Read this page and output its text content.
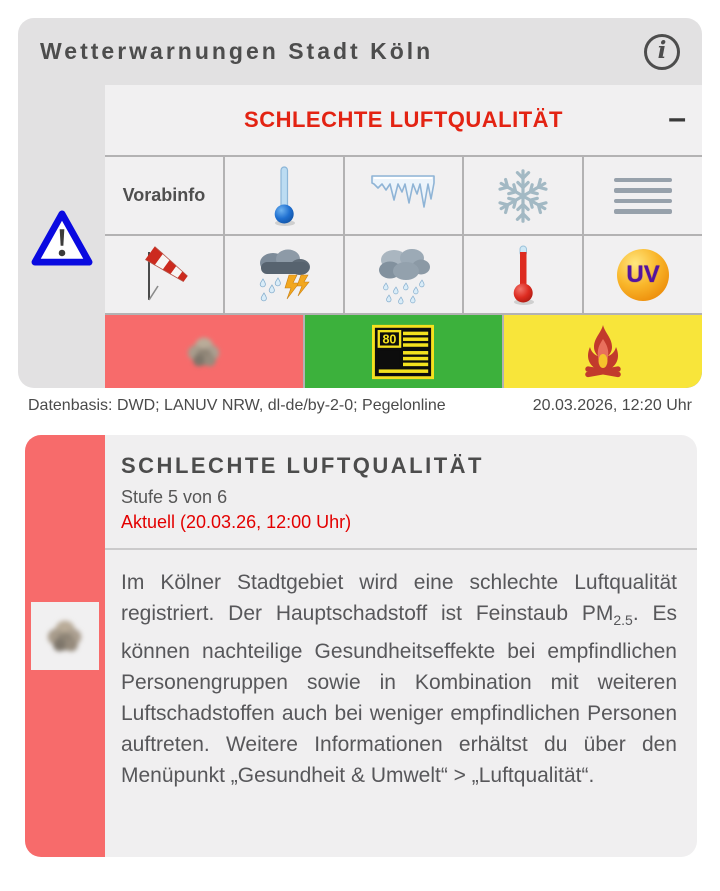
Wetterwarnungen Stadt Köln	i
SCHLECHTE LUFTQUALITÄT	–
Vorabinfo
UV
80
Datenbasis: DWD; LANUV NRW, dl-de/by-2-0; Pegelonline	20.03.2026, 12:20 Uhr
SCHLECHTE LUFTQUALITÄT
Stufe 5 von 6
Aktuell (20.03.26, 12:00 Uhr)

Im Kölner Stadtgebiet wird eine schlechte Luftqualität registriert. Der Hauptschadstoff ist Feinstaub $PM_{2.5}$. Es können nachteilige Gesundheitseffekte bei empfindlichen Personengruppen sowie in Kombination mit weiteren Luftschadstoffen auch bei weniger empfindlichen Personen auftreten. Weitere Informationen erhältst du über den Menüpunkt „Gesundheit & Umwelt“ > „Luftqualität“.
